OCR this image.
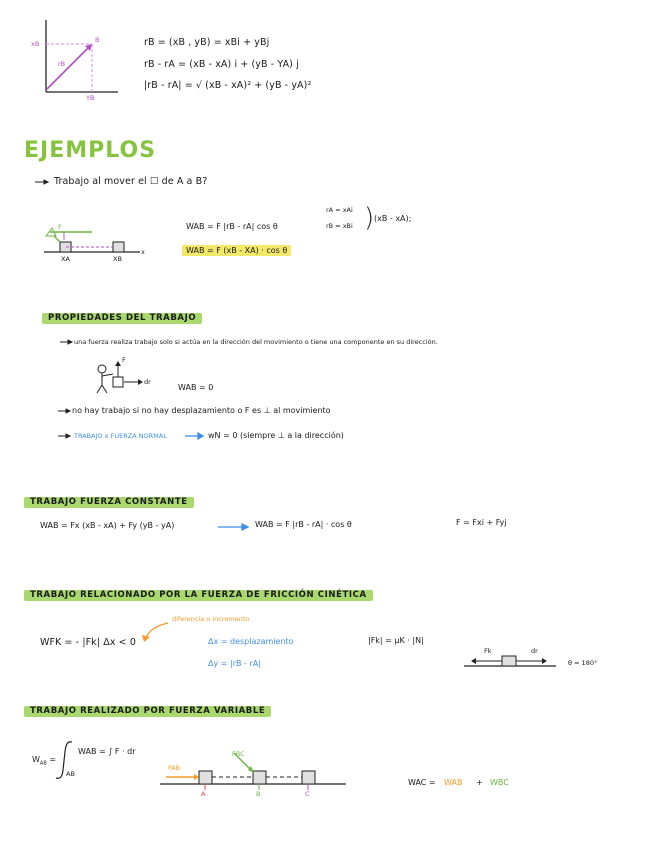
xB
YB
B
rB
rB = (xB , yB) = xBi + yBj
rB - rA = (xB - xA) i + (yB - YA) j
|rB - rA| = √ (xB - xA)² + (yB - yA)²
EJEMPLOS
Trabajo al mover el ☐ de A a B?
WAB = F |rB - rA| cos θ
rA = xAi
rB = xBi ) (xB - xA);
WAB = F (xB - XA) · cos θ
F
XA	XB
x
PROPIEDADES DEL TRABAJO
una fuerza realiza trabajo solo si actúa en la dirección del movimiento o tiene una componente en su dirección.
F
dr
WAB = 0
no hay trabajo si no hay desplazamiento o F es ⊥ al movimiento
TRABAJO x FUERZA NORMAL	wN = 0 (siempre ⊥ a la dirección)
TRABAJO FUERZA CONSTANTE
WAB = Fx (xB - xA) + Fy (yB - yA)	WAB = F |rB - rA| · cos θ	F = Fxi + Fyj
TRABAJO RELACIONADO POR LA FUERZA DE FRICCIÓN CINÉTICA
WFK = - |Fk| Δx < 0
diferencia o incremento
Δx = desplazamiento
Δy = |rB - rA|
|Fk| = μK · |N|
Fk	dr
θ = 180°
TRABAJO REALIZADO POR FUERZA VARIABLE
$W_{AB}$ =
WAB = ∫ F · dr
AB
FAB
FBC
A	B	C
WAC = WAB + WBC
